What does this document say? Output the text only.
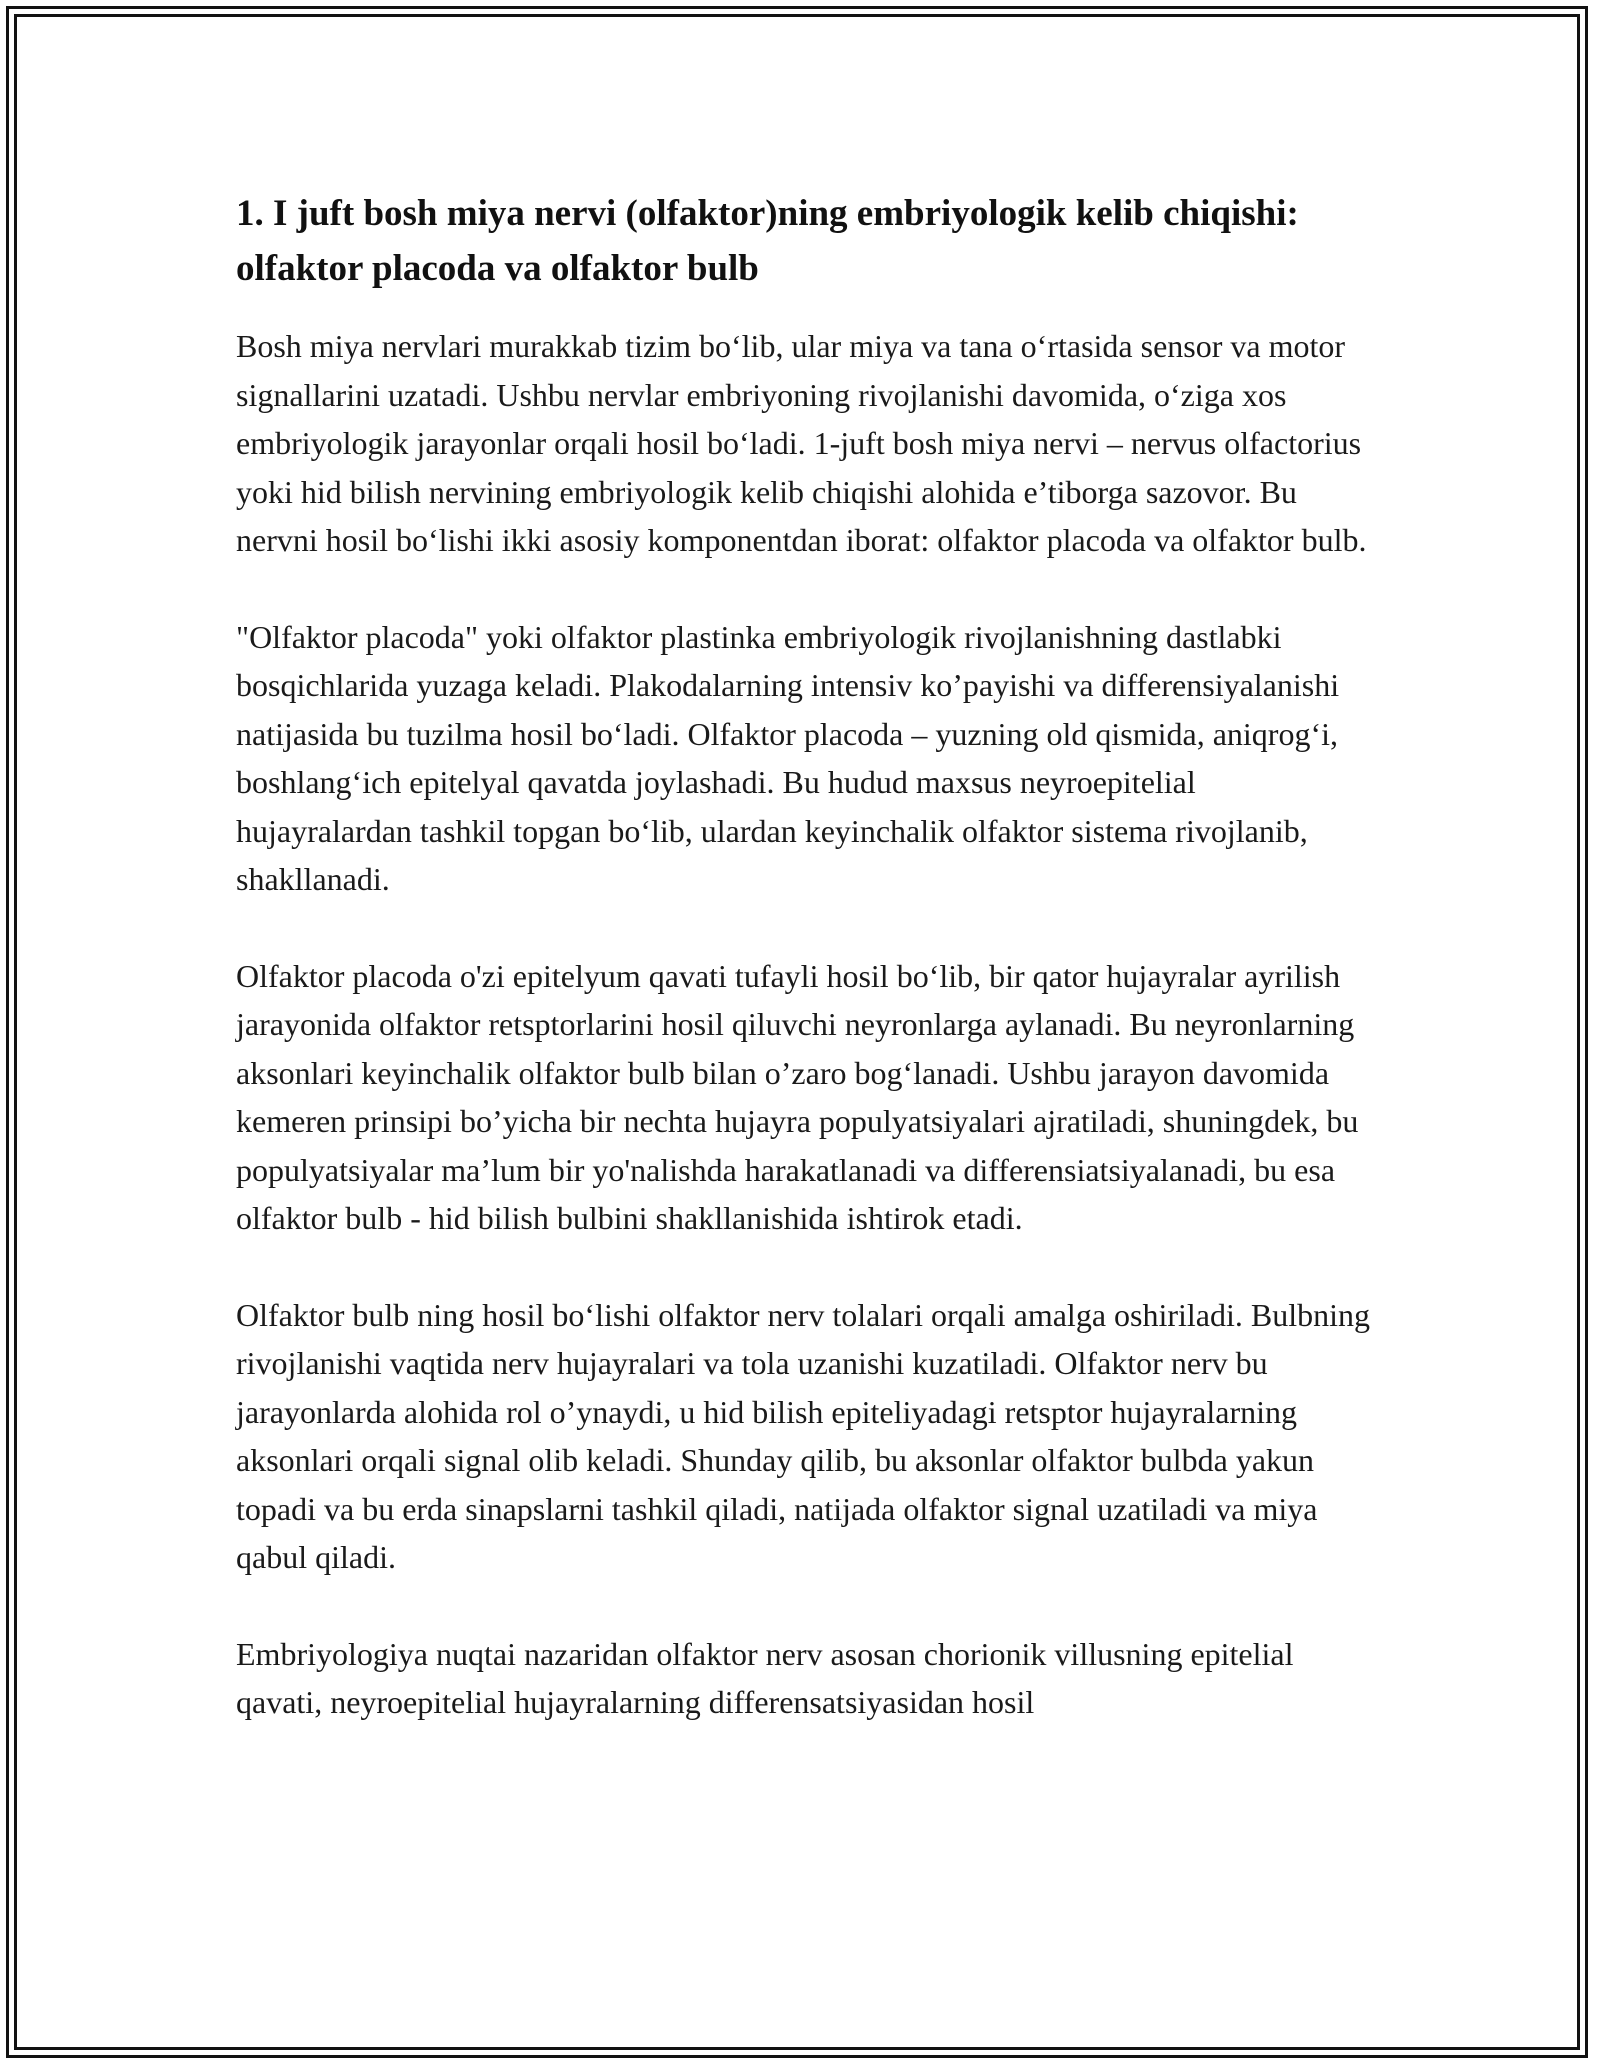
1. I juft bosh miya nervi (olfaktor)ning embriyologik kelib chiqishi: olfaktor placoda va olfaktor bulb

Bosh miya nervlari murakkab tizim bo‘lib, ular miya va tana o‘rtasida sensor va motor signallarini uzatadi. Ushbu nervlar embriyoning rivojlanishi davomida, o‘ziga xos embriyologik jarayonlar orqali hosil bo‘ladi. 1-juft bosh miya nervi – nervus olfactorius yoki hid bilish nervining embriyologik kelib chiqishi alohida e’tiborga sazovor. Bu nervni hosil bo‘lishi ikki asosiy komponentdan iborat: olfaktor placoda va olfaktor bulb.

"Olfaktor placoda" yoki olfaktor plastinka embriyologik rivojlanishning dastlabki bosqichlarida yuzaga keladi. Plakodalarning intensiv ko’payishi va differensiyalanishi natijasida bu tuzilma hosil bo‘ladi. Olfaktor placoda – yuzning old qismida, aniqrog‘i, boshlang‘ich epitelyal qavatda joylashadi. Bu hudud maxsus neyroepitelial hujayralardan tashkil topgan bo‘lib, ulardan keyinchalik olfaktor sistema rivojlanib, shakllanadi.

Olfaktor placoda o'zi epitelyum qavati tufayli hosil bo‘lib, bir qator hujayralar ayrilish jarayonida olfaktor retsptorlarini hosil qiluvchi neyronlarga aylanadi. Bu neyronlarning aksonlari keyinchalik olfaktor bulb bilan o’zaro bog‘lanadi. Ushbu jarayon davomida kemeren prinsipi bo’yicha bir nechta hujayra populyatsiyalari ajratiladi, shuningdek, bu populyatsiyalar ma’lum bir yo'nalishda harakatlanadi va differensiatsiyalanadi, bu esa olfaktor bulb - hid bilish bulbini shakllanishida ishtirok etadi.

Olfaktor bulb ning hosil bo‘lishi olfaktor nerv tolalari orqali amalga oshiriladi. Bulbning rivojlanishi vaqtida nerv hujayralari va tola uzanishi kuzatiladi. Olfaktor nerv bu jarayonlarda alohida rol o’ynaydi, u hid bilish epiteliyadagi retsptor hujayralarning aksonlari orqali signal olib keladi. Shunday qilib, bu aksonlar olfaktor bulbda yakun topadi va bu erda sinapslarni tashkil qiladi, natijada olfaktor signal uzatiladi va miya qabul qiladi.

Embriyologiya nuqtai nazaridan olfaktor nerv asosan chorionik villusning epitelial qavati, neyroepitelial hujayralarning differensatsiyasidan hosil
